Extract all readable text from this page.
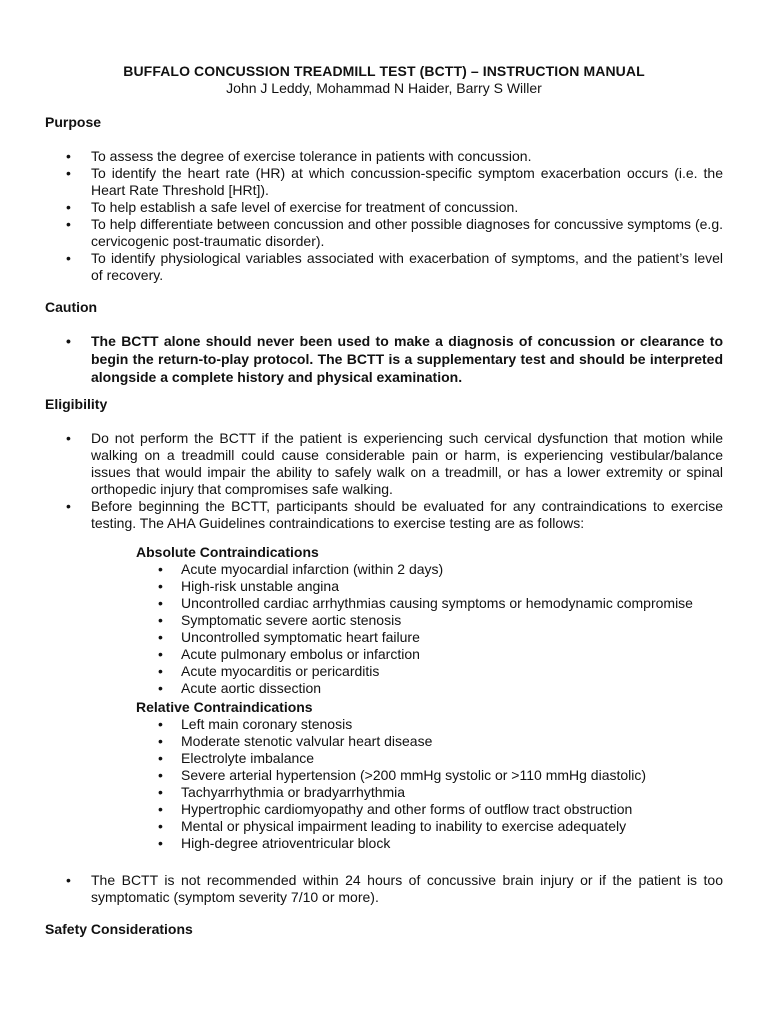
BUFFALO CONCUSSION TREADMILL TEST (BCTT) – INSTRUCTION MANUAL
John J Leddy, Mohammad N Haider, Barry S Willer
Purpose
• To assess the degree of exercise tolerance in patients with concussion.
• To identify the heart rate (HR) at which concussion-specific symptom exacerbation occurs (i.e. the Heart Rate Threshold [HRt]).
• To help establish a safe level of exercise for treatment of concussion.
• To help differentiate between concussion and other possible diagnoses for concussive symptoms (e.g. cervicogenic post-traumatic disorder).
• To identify physiological variables associated with exacerbation of symptoms, and the patient’s level of recovery.
Caution
• The BCTT alone should never been used to make a diagnosis of concussion or clearance to begin the return-to-play protocol. The BCTT is a supplementary test and should be interpreted alongside a complete history and physical examination.
Eligibility
• Do not perform the BCTT if the patient is experiencing such cervical dysfunction that motion while walking on a treadmill could cause considerable pain or harm, is experiencing vestibular/balance issues that would impair the ability to safely walk on a treadmill, or has a lower extremity or spinal orthopedic injury that compromises safe walking.
• Before beginning the BCTT, participants should be evaluated for any contraindications to exercise testing. The AHA Guidelines contraindications to exercise testing are as follows:
Absolute Contraindications
• Acute myocardial infarction (within 2 days)
• High-risk unstable angina
• Uncontrolled cardiac arrhythmias causing symptoms or hemodynamic compromise
• Symptomatic severe aortic stenosis
• Uncontrolled symptomatic heart failure
• Acute pulmonary embolus or infarction
• Acute myocarditis or pericarditis
• Acute aortic dissection
Relative Contraindications
• Left main coronary stenosis
• Moderate stenotic valvular heart disease
• Electrolyte imbalance
• Severe arterial hypertension (>200 mmHg systolic or >110 mmHg diastolic)
• Tachyarrhythmia or bradyarrhythmia
• Hypertrophic cardiomyopathy and other forms of outflow tract obstruction
• Mental or physical impairment leading to inability to exercise adequately
• High-degree atrioventricular block
• The BCTT is not recommended within 24 hours of concussive brain injury or if the patient is too symptomatic (symptom severity 7/10 or more).
Safety Considerations
